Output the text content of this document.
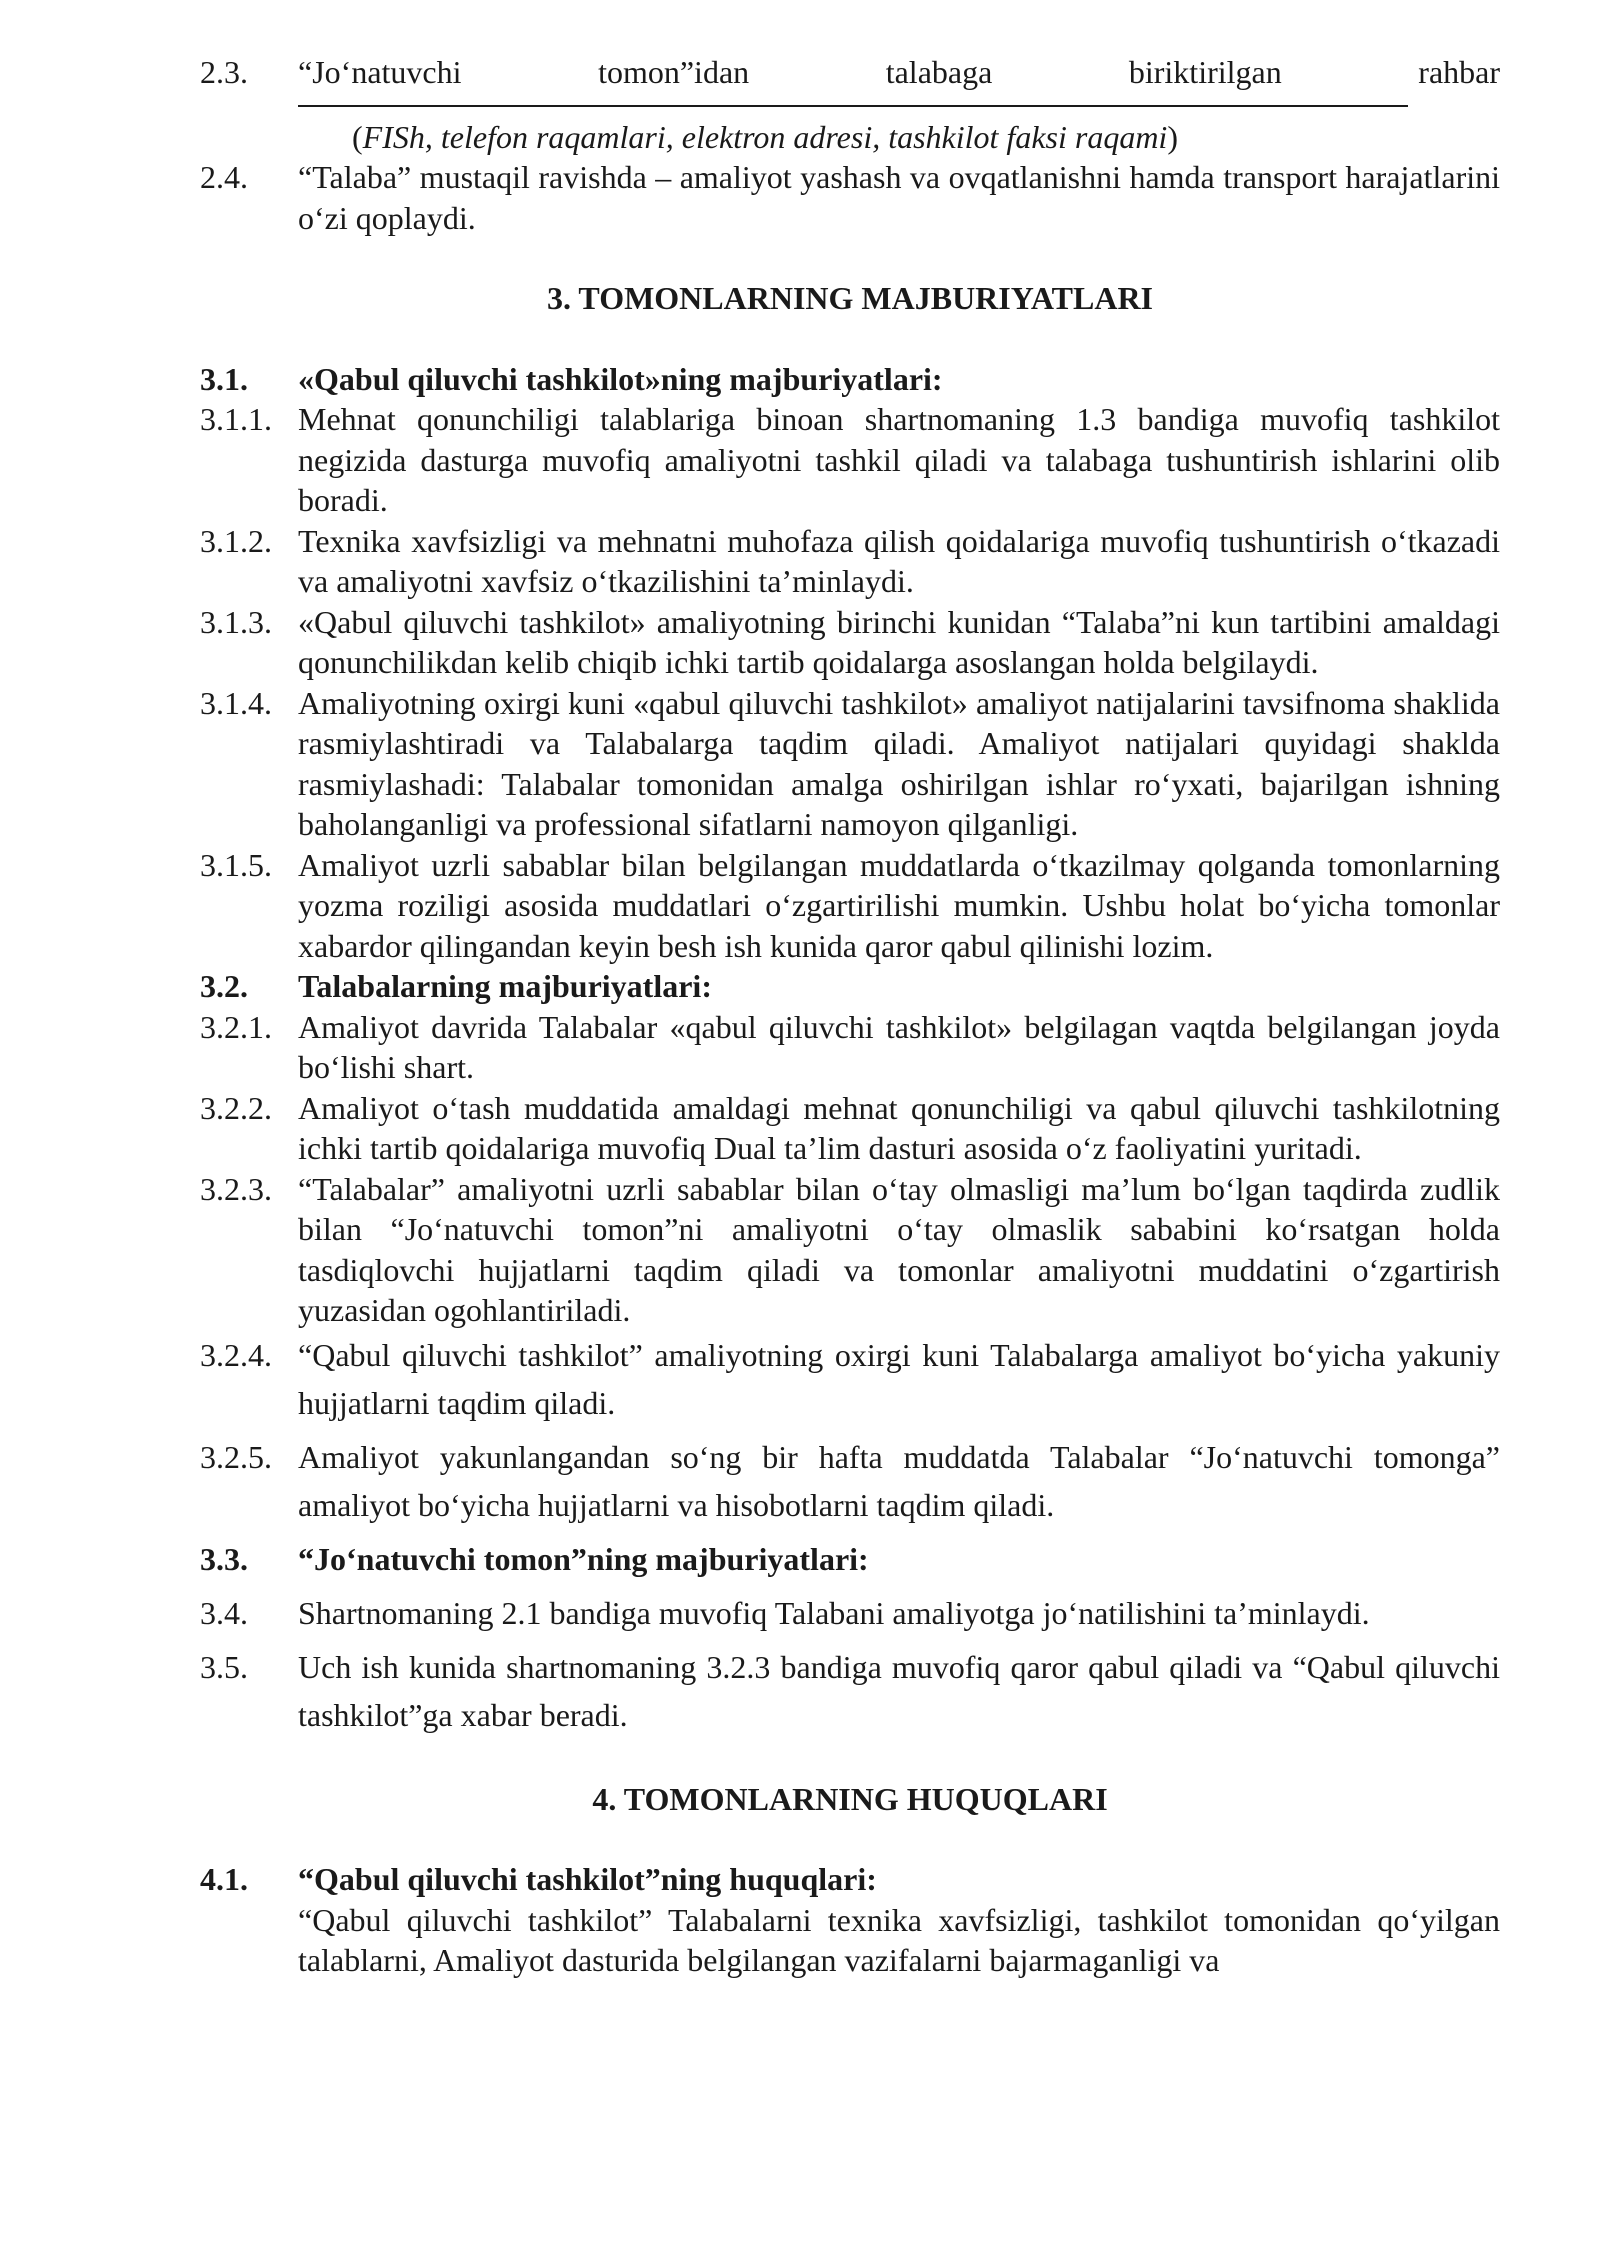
2.3.	“Jo‘natuvchi	tomon”idan	talabaga	biriktirilgan	rahbar
(FISh, telefon raqamlari, elektron adresi, tashkilot faksi raqami)
2.4.	“Talaba” mustaqil ravishda – amaliyot yashash va ovqatlanishni hamda transport harajatlarini o‘zi qoplaydi.
3. TOMONLARNING MAJBURIYATLARI
3.1.	«Qabul qiluvchi tashkilot»ning majburiyatlari:
3.1.1. Mehnat qonunchiligi talablariga binoan shartnomaning 1.3 bandiga muvofiq tashkilot negizida dasturga muvofiq amaliyotni tashkil qiladi va talabaga tushuntirish ishlarini olib boradi.
3.1.2. Texnika xavfsizligi va mehnatni muhofaza qilish qoidalariga muvofiq tushuntirish o‘tkazadi va amaliyotni xavfsiz o‘tkazilishini ta’minlaydi.
3.1.3. «Qabul qiluvchi tashkilot» amaliyotning birinchi kunidan “Talaba”ni kun tartibini amaldagi qonunchilikdan kelib chiqib ichki tartib qoidalarga asoslangan holda belgilaydi.
3.1.4. Amaliyotning oxirgi kuni «qabul qiluvchi tashkilot» amaliyot natijalarini tavsifnoma shaklida rasmiylashtiradi va Talabalarga taqdim qiladi. Amaliyot natijalari quyidagi shaklda rasmiylashadi: Talabalar tomonidan amalga oshirilgan ishlar ro‘yxati, bajarilgan ishning baholanganligi va professional sifatlarni namoyon qilganligi.
3.1.5. Amaliyot uzrli sabablar bilan belgilangan muddatlarda o‘tkazilmay qolganda tomonlarning yozma roziligi asosida muddatlari o‘zgartirilishi mumkin. Ushbu holat bo‘yicha tomonlar xabardor qilingandan keyin besh ish kunida qaror qabul qilinishi lozim.
3.2.	Talabalarning majburiyatlari:
3.2.1. Amaliyot davrida Talabalar «qabul qiluvchi tashkilot» belgilagan vaqtda belgilangan joyda bo‘lishi shart.
3.2.2. Amaliyot o‘tash muddatida amaldagi mehnat qonunchiligi va qabul qiluvchi tashkilotning ichki tartib qoidalariga muvofiq Dual ta’lim dasturi asosida o‘z faoliyatini yuritadi.
3.2.3. “Talabalar” amaliyotni uzrli sabablar bilan o‘tay olmasligi ma’lum bo‘lgan taqdirda zudlik bilan “Jo‘natuvchi tomon”ni amaliyotni o‘tay olmaslik sababini ko‘rsatgan holda tasdiqlovchi hujjatlarni taqdim qiladi va tomonlar amaliyotni muddatini o‘zgartirish yuzasidan ogohlantiriladi.
3.2.4. “Qabul qiluvchi tashkilot” amaliyotning oxirgi kuni Talabalarga amaliyot bo‘yicha yakuniy hujjatlarni taqdim qiladi.
3.2.5. Amaliyot yakunlangandan so‘ng bir hafta muddatda Talabalar “Jo‘natuvchi tomonga” amaliyot bo‘yicha hujjatlarni va hisobotlarni taqdim qiladi.
3.3.	“Jo‘natuvchi tomon”ning majburiyatlari:
3.4.	Shartnomaning 2.1 bandiga muvofiq Talabani amaliyotga jo‘natilishini ta’minlaydi.
3.5.	Uch ish kunida shartnomaning 3.2.3 bandiga muvofiq qaror qabul qiladi va “Qabul qiluvchi tashkilot”ga xabar beradi.
4. TOMONLARNING HUQUQLARI
4.1.	“Qabul qiluvchi tashkilot”ning huquqlari:
“Qabul qiluvchi tashkilot” Talabalarni texnika xavfsizligi, tashkilot tomonidan qo‘yilgan talablarni, Amaliyot dasturida belgilangan vazifalarni bajarmaganligi va
